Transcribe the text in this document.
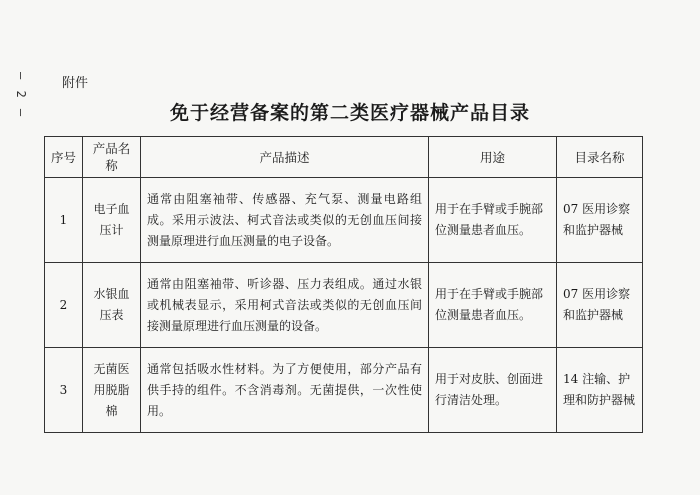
— 2 —	附件
免于经营备案的第二类医疗器械产品目录
序号	产品名称	产品描述	用途	目录名称
1	电子血压计	通常由阻塞袖带、传感器、充气泵、测量电路组成。采用示波法、柯式音法或类似的无创血压间接测量原理进行血压测量的电子设备。	用于在手臂或手腕部位测量患者血压。	07 医用诊察和监护器械
2	水银血压表	通常由阻塞袖带、听诊器、压力表组成。通过水银或机械表显示，采用柯式音法或类似的无创血压间接测量原理进行血压测量的设备。	用于在手臂或手腕部位测量患者血压。	07 医用诊察和监护器械
3	无菌医用脱脂棉	通常包括吸水性材料。为了方便使用，部分产品有供手持的组件。不含消毒剂。无菌提供，一次性使用。	用于对皮肤、创面进行清洁处理。	14 注输、护理和防护器械
